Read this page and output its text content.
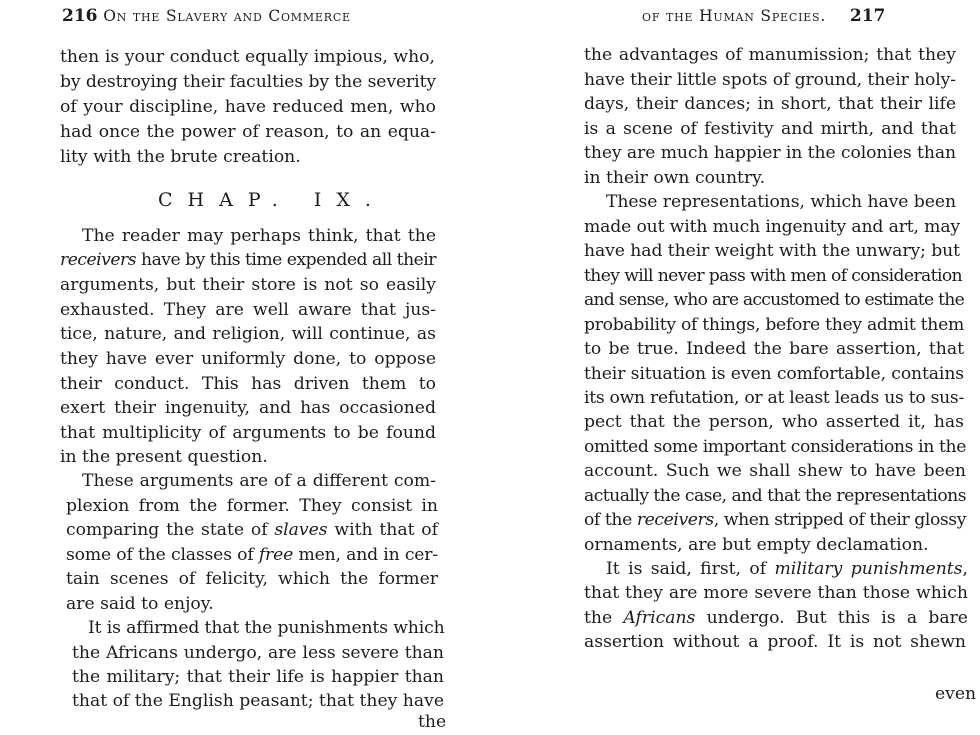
216 On the Slavery and Commerce
CHAP. IX.
then is your conduct equally impious, who,
by destroying their faculties by the severity
of your discipline, have reduced men, who
had once the power of reason, to an equa-
lity with the brute creation.
The reader may perhaps think, that the
receivers have by this time expended all their
arguments, but their store is not so easily
exhausted. They are well aware that jus-
tice, nature, and religion, will continue, as
they have ever uniformly done, to oppose
their conduct. This has driven them to
exert their ingenuity, and has occasioned
that multiplicity of arguments to be found
in the present question.
These arguments are of a different com-
plexion from the former. They consist in
comparing the state of slaves with that of
some of the classes of free men, and in cer-
tain scenes of felicity, which the former
are said to enjoy.
It is affirmed that the punishments which
the Africans undergo, are less severe than
the military; that their life is happier than
that of the English peasant; that they have
the
of the Human Species. 217
the advantages of manumission; that they
have their little spots of ground, their holy-
days, their dances; in short, that their life
is a scene of festivity and mirth, and that
they are much happier in the colonies than
in their own country.
These representations, which have been
made out with much ingenuity and art, may
have had their weight with the unwary; but
they will never pass with men of consideration
and sense, who are accustomed to estimate the
probability of things, before they admit them
to be true. Indeed the bare assertion, that
their situation is even comfortable, contains
its own refutation, or at least leads us to sus-
pect that the person, who asserted it, has
omitted some important considerations in the
account. Such we shall shew to have been
actually the case, and that the representations
of the receivers, when stripped of their glossy
ornaments, are but empty declamation.
It is said, first, of military punishments,
that they are more severe than those which
the Africans undergo. But this is a bare
assertion without a proof. It is not shewn
even
